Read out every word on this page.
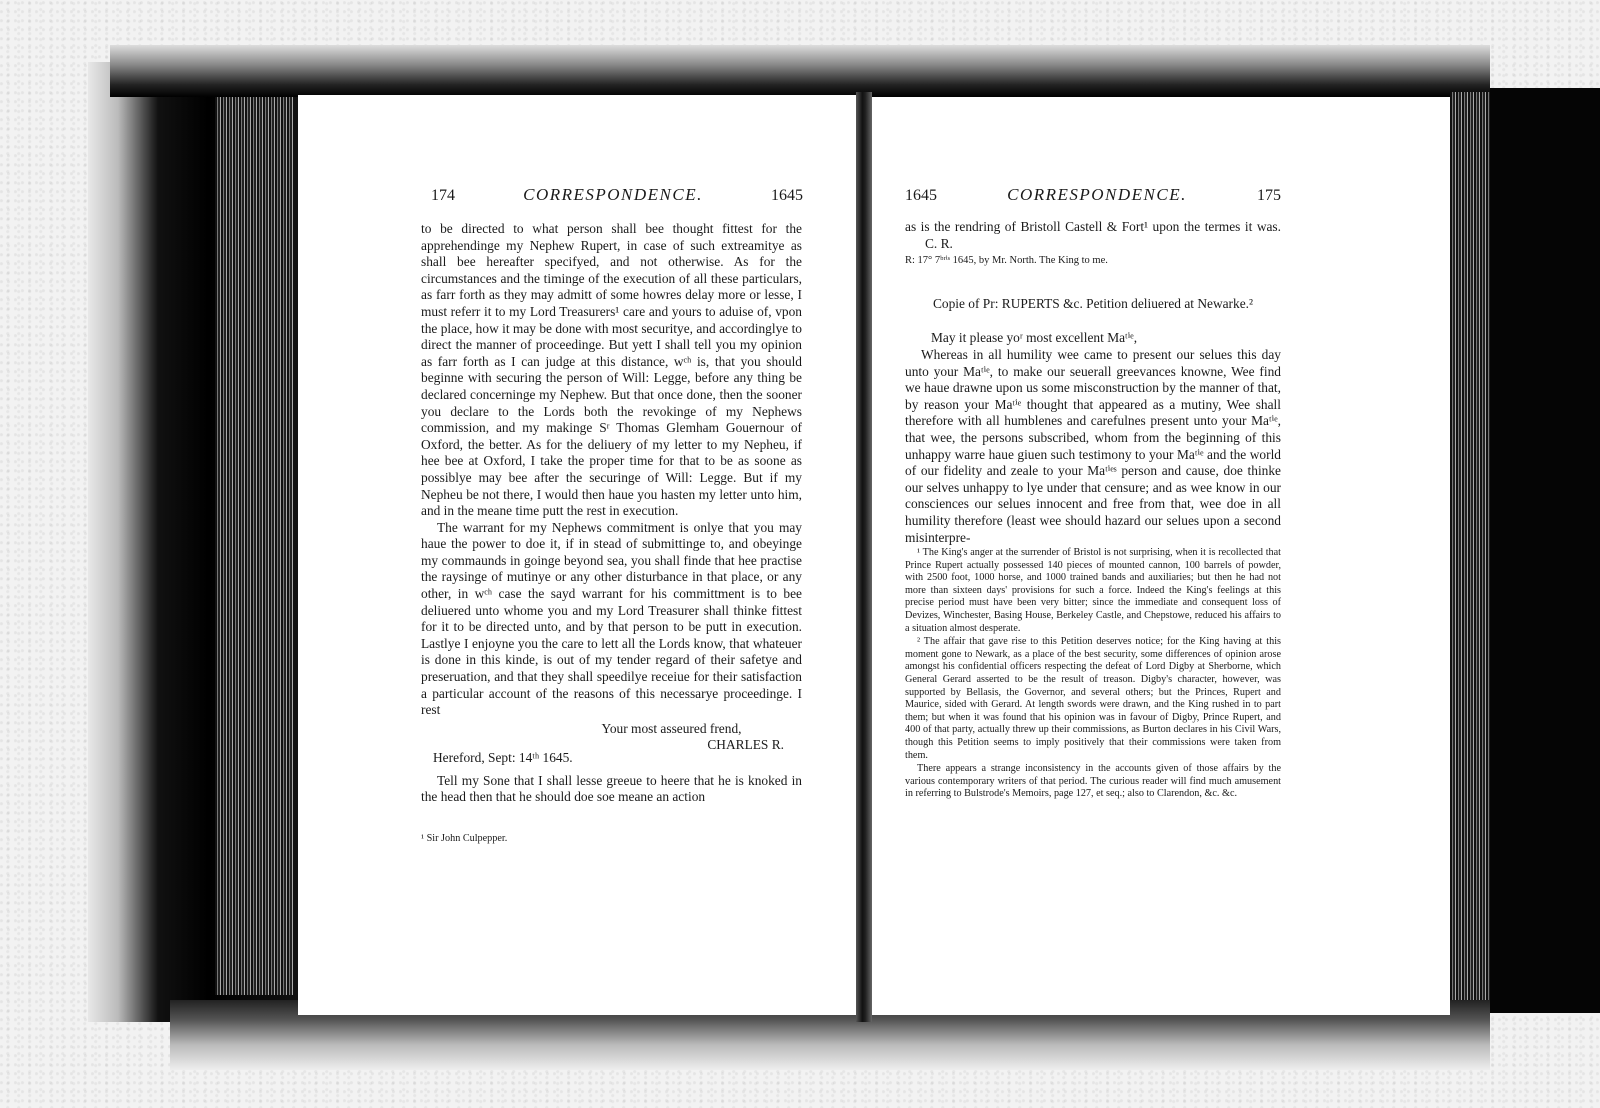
174	CORRESPONDENCE.	1645

to be directed to what person shall bee thought fittest for the apprehendinge my Nephew Rupert, in case of such extreamitye as shall bee hereafter specifyed, and not otherwise. As for the circumstances and the timinge of the execution of all these particulars, as farr forth as they may admitt of some howres delay more or lesse, I must referr it to my Lord Treasurers¹ care and yours to aduise of, vpon the place, how it may be done with most securitye, and accordinglye to direct the manner of proceedinge. But yett I shall tell you my opinion as farr forth as I can judge at this distance, wᶜʰ is, that you should beginne with securing the person of Will: Legge, before any thing be declared concerninge my Nephew. But that once done, then the sooner you declare to the Lords both the revokinge of my Nephews commission, and my makinge Sʳ Thomas Glemham Gouernour of Oxford, the better. As for the deliuery of my letter to my Nepheu, if hee bee at Oxford, I take the proper time for that to be as soone as possiblye may bee after the securinge of Will: Legge. But if my Nepheu be not there, I would then haue you hasten my letter unto him, and in the meane time putt the rest in execution.

The warrant for my Nephews commitment is onlye that you may haue the power to doe it, if in stead of submittinge to, and obeyinge my commaunds in goinge beyond sea, you shall finde that hee practise the raysinge of mutinye or any other disturbance in that place, or any other, in wᶜʰ case the sayd warrant for his committment is to bee deliuered unto whome you and my Lord Treasurer shall thinke fittest for it to be directed unto, and by that person to be putt in execution. Lastlye I enjoyne you the care to lett all the Lords know, that whateuer is done in this kinde, is out of my tender regard of their safetye and preseruation, and that they shall speedilye receiue for their satisfaction a particular account of the reasons of this necessarye proceedinge. I rest

Your most asseured frend,

CHARLES R.

Hereford, Sept: 14ᵗʰ 1645.

Tell my Sone that I shall lesse greeue to heere that he is knoked in the head then that he should doe soe meane an action

¹ Sir John Culpepper.
1645	CORRESPONDENCE.	175

as is the rendring of Bristoll Castell & Fort¹ upon the termes it was. C. R.

R: 17° 7ᵇʳⁱˢ 1645, by Mr. North. The King to me.

Copie of Pr: RUPERTS &c. Petition deliuered at Newarke.²

May it please yoʳ most excellent Maᵗⁱᵉ,

Whereas in all humility wee came to present our selues this day unto your Maᵗⁱᵉ, to make our seuerall greevances knowne, Wee find we haue drawne upon us some misconstruction by the manner of that, by reason your Maᵗⁱᵉ thought that appeared as a mutiny, Wee shall therefore with all humblenes and carefulnes present unto your Maᵗⁱᵉ, that wee, the persons subscribed, whom from the beginning of this unhappy warre haue giuen such testimony to your Maᵗⁱᵉ and the world of our fidelity and zeale to your Maᵗⁱᵉˢ person and cause, doe thinke our selves unhappy to lye under that censure; and as wee know in our consciences our selues innocent and free from that, wee doe in all humility therefore (least wee should hazard our selues upon a second misinterpre-

¹ The King's anger at the surrender of Bristol is not surprising, when it is recollected that Prince Rupert actually possessed 140 pieces of mounted cannon, 100 barrels of powder, with 2500 foot, 1000 horse, and 1000 trained bands and auxiliaries; but then he had not more than sixteen days' provisions for such a force. Indeed the King's feelings at this precise period must have been very bitter; since the immediate and consequent loss of Devizes, Winchester, Basing House, Berkeley Castle, and Chepstowe, reduced his affairs to a situation almost desperate.

² The affair that gave rise to this Petition deserves notice; for the King having at this moment gone to Newark, as a place of the best security, some differences of opinion arose amongst his confidential officers respecting the defeat of Lord Digby at Sherborne, which General Gerard asserted to be the result of treason. Digby's character, however, was supported by Bellasis, the Governor, and several others; but the Princes, Rupert and Maurice, sided with Gerard. At length swords were drawn, and the King rushed in to part them; but when it was found that his opinion was in favour of Digby, Prince Rupert, and 400 of that party, actually threw up their commissions, as Burton declares in his Civil Wars, though this Petition seems to imply positively that their commissions were taken from them.

There appears a strange inconsistency in the accounts given of those affairs by the various contemporary writers of that period. The curious reader will find much amusement in referring to Bulstrode's Memoirs, page 127, et seq.; also to Clarendon, &c. &c.
